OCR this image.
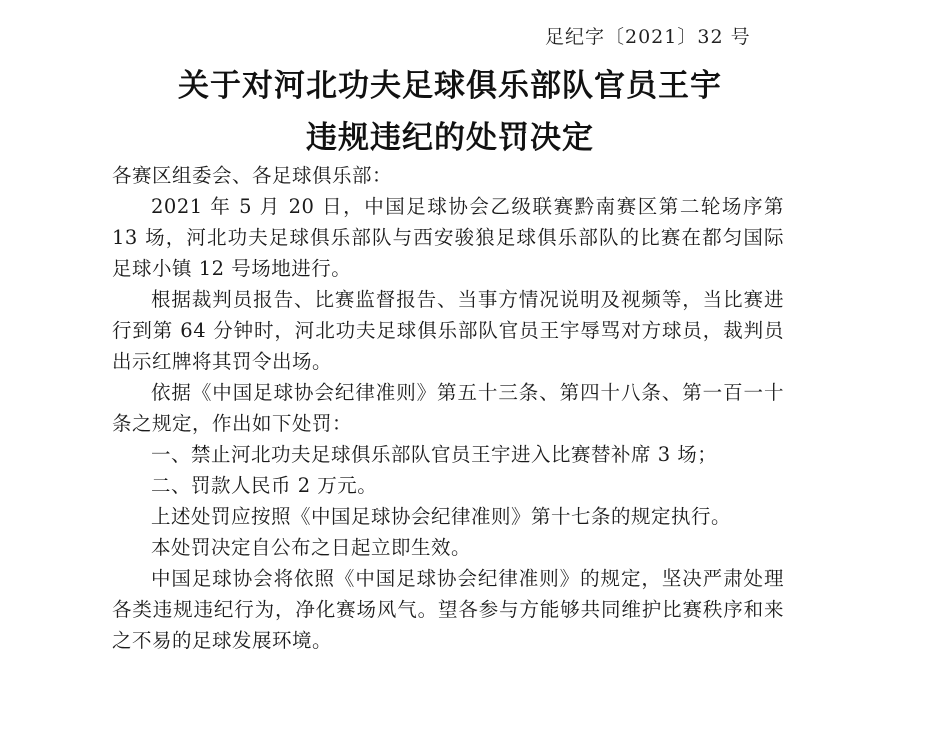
足纪字〔2021〕32 号
关于对河北功夫足球俱乐部队官员王宇
违规违纪的处罚决定

各赛区组委会、各足球俱乐部：

2021 年 5 月 20 日，中国足球协会乙级联赛黔南赛区第二轮场序第 13 场，河北功夫足球俱乐部队与西安骏狼足球俱乐部队的比赛在都匀国际足球小镇 12 号场地进行。

根据裁判员报告、比赛监督报告、当事方情况说明及视频等，当比赛进行到第 64 分钟时，河北功夫足球俱乐部队官员王宇辱骂对方球员，裁判员出示红牌将其罚令出场。

依据《中国足球协会纪律准则》第五十三条、第四十八条、第一百一十条之规定，作出如下处罚：

一、禁止河北功夫足球俱乐部队官员王宇进入比赛替补席 3 场；

二、罚款人民币 2 万元。

上述处罚应按照《中国足球协会纪律准则》第十七条的规定执行。

本处罚决定自公布之日起立即生效。

中国足球协会将依照《中国足球协会纪律准则》的规定，坚决严肃处理各类违规违纪行为，净化赛场风气。望各参与方能够共同维护比赛秩序和来之不易的足球发展环境。
